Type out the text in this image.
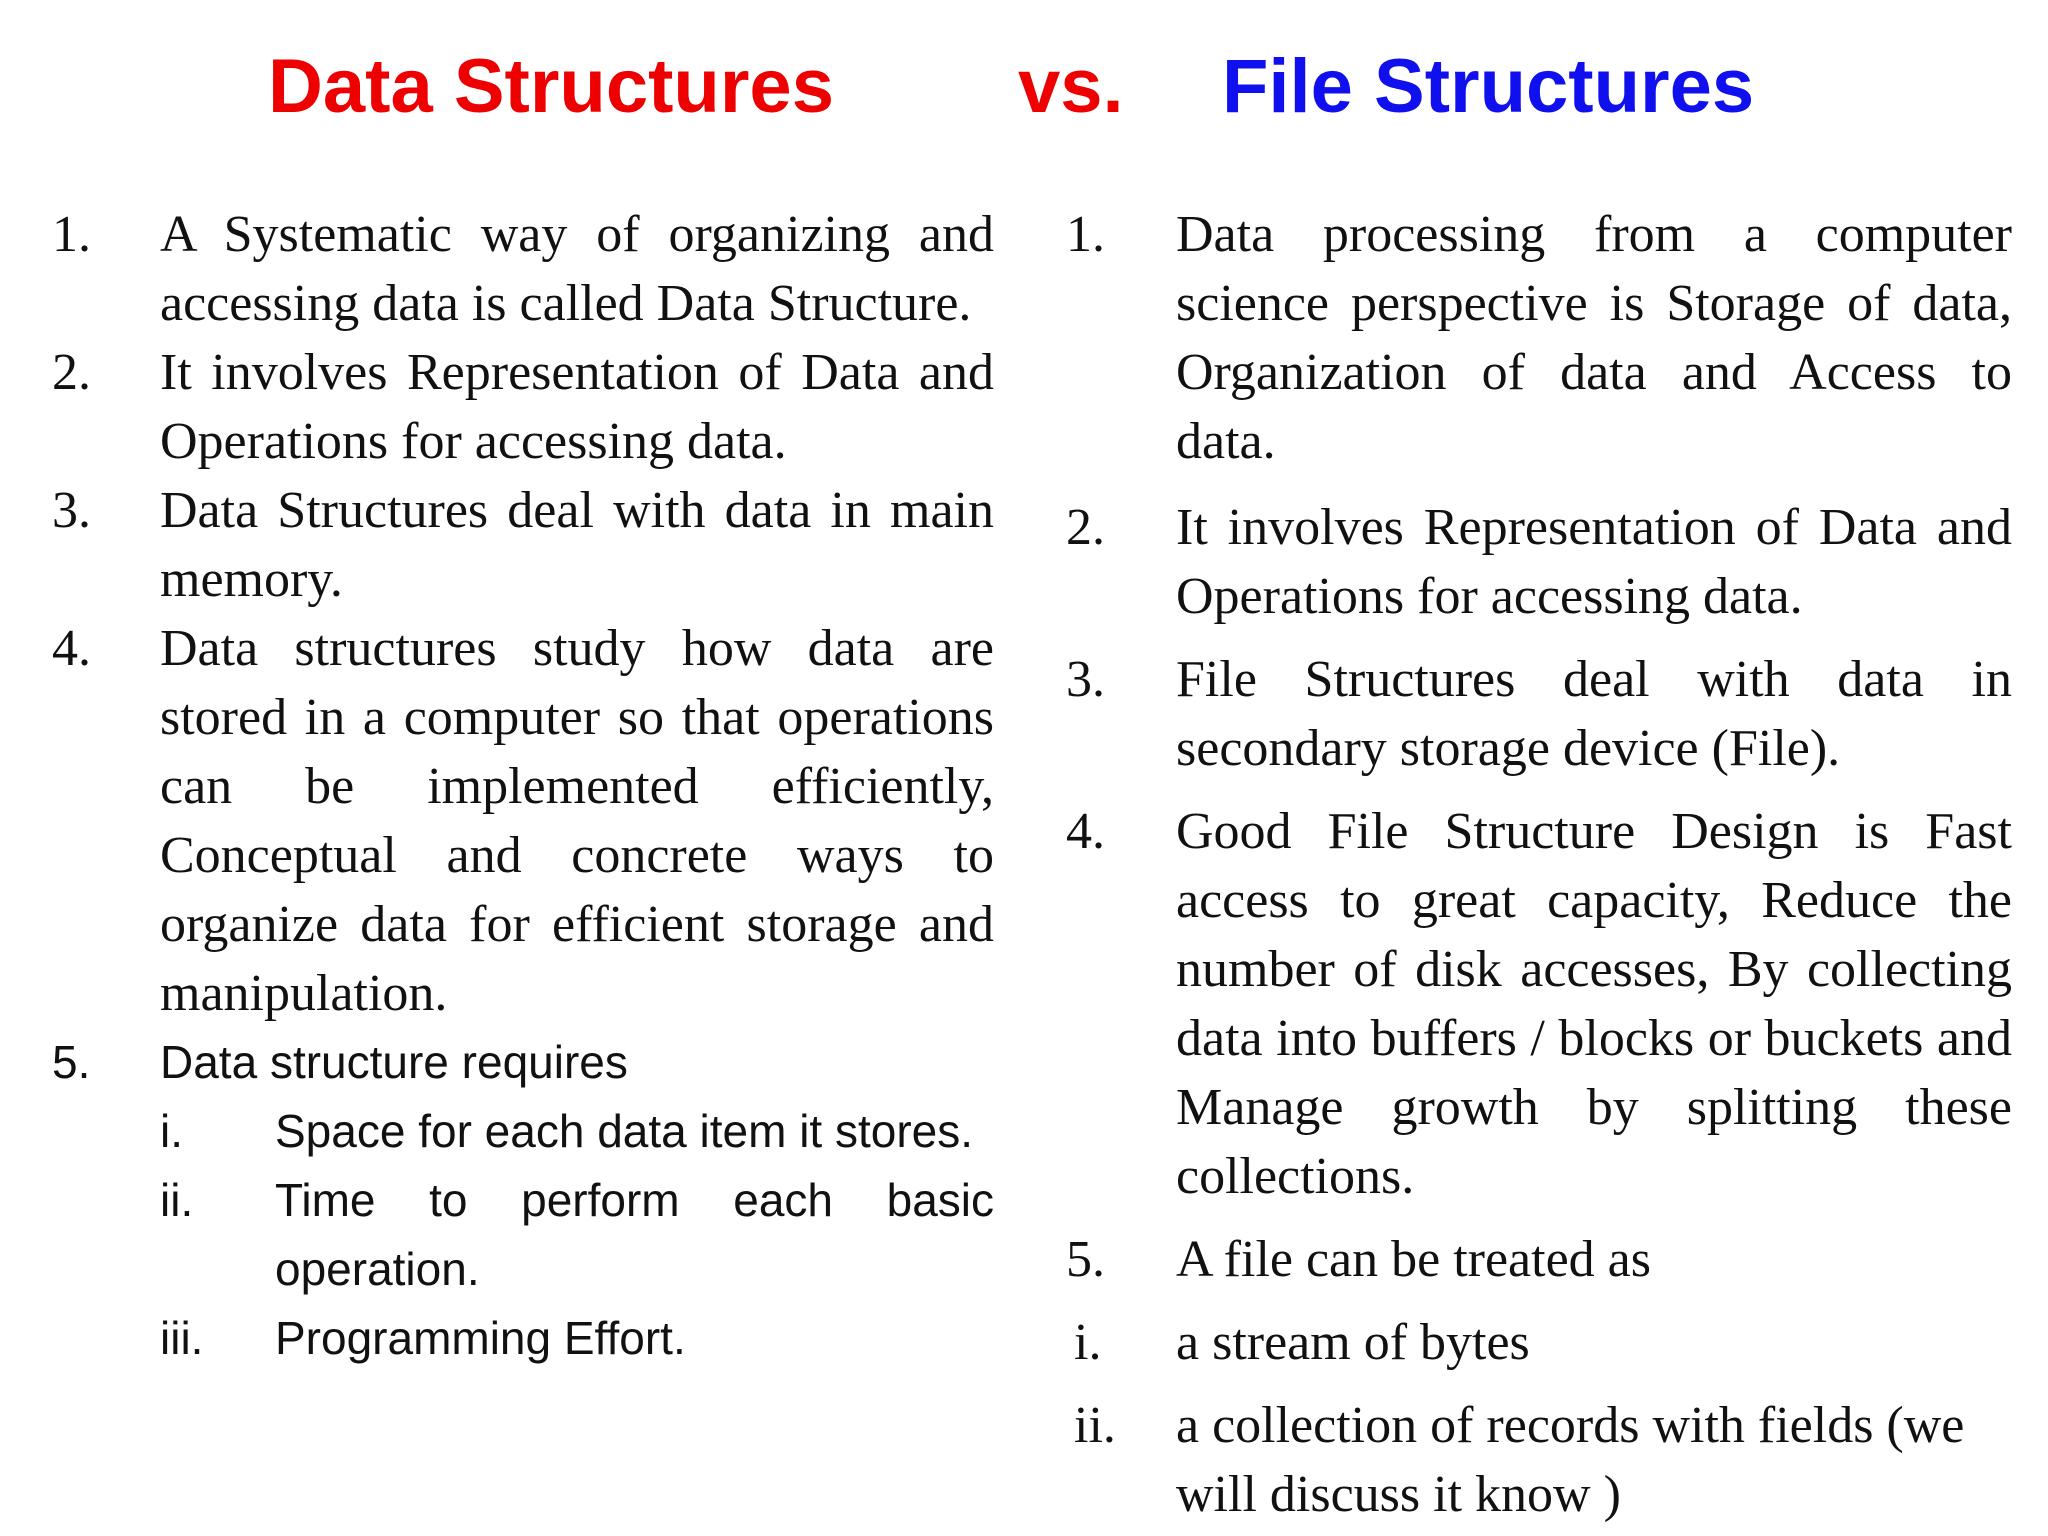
Data Structures vs. File Structures
1. A Systematic way of organizing and accessing data is called Data Structure.
2. It involves Representation of Data and Operations for accessing data.
3. Data Structures deal with data in main memory.
4. Data structures study how data are stored in a computer so that operations can be implemented efficiently, Conceptual and concrete ways to organize data for efficient storage and manipulation.
5. Data structure requires
i. Space for each data item it stores.
ii. Time to perform each basic operation.
iii. Programming Effort.
1. Data processing from a computer science perspective is Storage of data, Organization of data and Access to data.
2. It involves Representation of Data and Operations for accessing data.
3. File Structures deal with data in secondary storage device (File).
4. Good File Structure Design is Fast access to great capacity, Reduce the number of disk accesses, By collecting data into buffers / blocks or buckets and Manage growth by splitting these collections.
5. A file can be treated as
i. a stream of bytes
ii. a collection of records with fields (we will discuss it know )
